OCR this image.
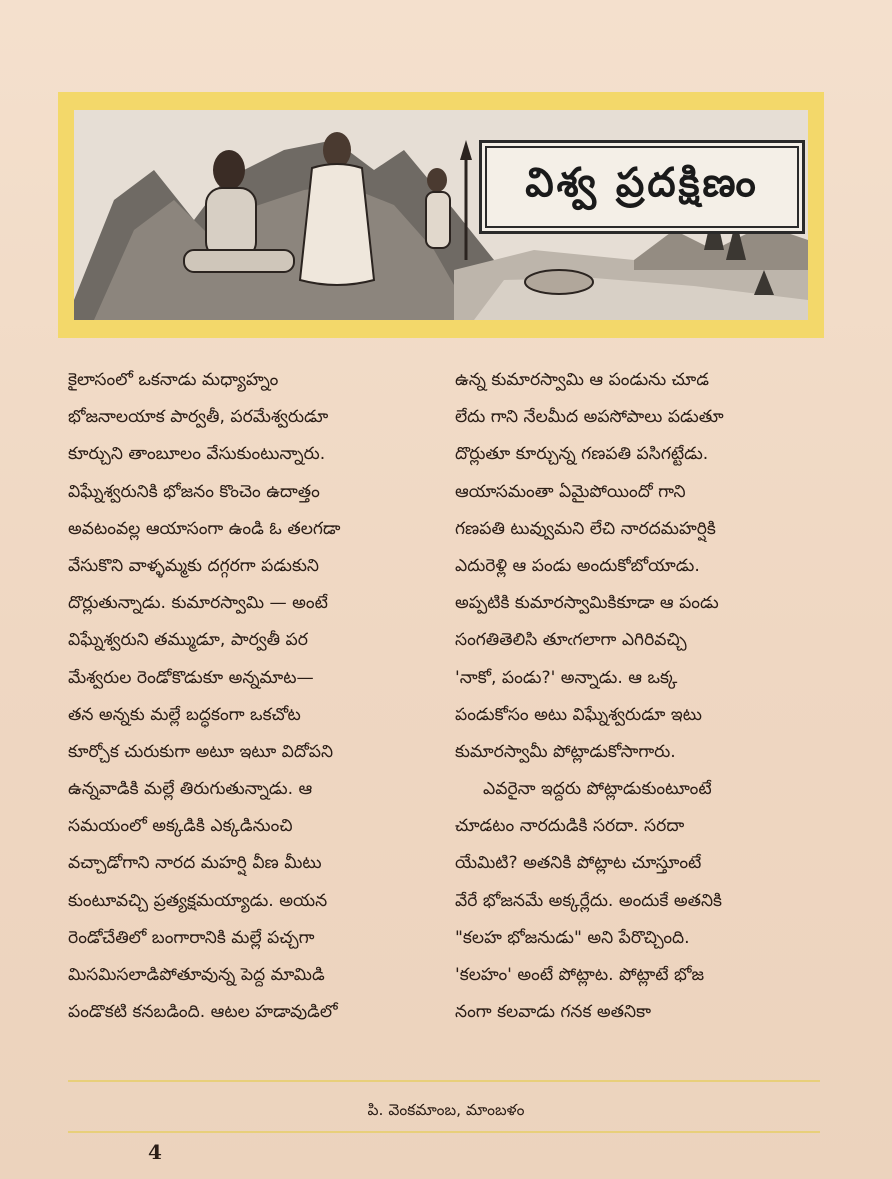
విశ్వ ప్రదక్షిణం
కైలాసంలో ఒకనాడు మధ్యాహ్నం
భోజనాలయాక పార్వతీ, పరమేశ్వరుడూ
కూర్చుని తాంబూలం వేసుకుంటున్నారు.
విఘ్నేశ్వరునికి భోజనం కొంచెం ఉదాత్తం
అవటంవల్ల ఆయాసంగా ఉండి ఓ తలగడా
వేసుకొని వాళ్ళమ్మకు దగ్గరగా పడుకుని
దొర్లుతున్నాడు. కుమారస్వామి — అంటే
విఘ్నేశ్వరుని తమ్ముడూ, పార్వతీ పర
మేశ్వరుల రెండోకొడుకూ అన్నమాట—
తన అన్నకు మల్లే బద్ధకంగా ఒకచోట
కూర్చోక చురుకుగా అటూ ఇటూ విదోపని
ఉన్నవాడికి మల్లే తిరుగుతున్నాడు. ఆ
సమయంలో అక్కడికి ఎక్కడినుంచి
వచ్చాడోగాని నారద మహర్షి వీణ మీటు
కుంటూవచ్చి ప్రత్యక్షమయ్యాడు. అయన
రెండోచేతిలో బంగారానికి మల్లే పచ్చగా
మిసమిసలాడిపోతూవున్న పెద్ద మామిడి
పండొకటి కనబడింది. ఆటల హడావుడిలో
ఉన్న కుమారస్వామి ఆ పండును చూడ
లేదు గాని నేలమీద అపసోపాలు పడుతూ
దొర్లుతూ కూర్చున్న గణపతి పసిగట్టేడు.
ఆయాసమంతా ఏమైపోయిందో గాని
గణపతి టువ్వుమని లేచి నారదమహర్షికి
ఎదురెళ్లి ఆ పండు అందుకోబోయాడు.
అప్పటికి కుమారస్వామికికూడా ఆ పండు
సంగతితెలిసి తూఁగలాగా ఎగిరివచ్చి
'నాకో, పండు?' అన్నాడు. ఆ ఒక్క
పండుకోసం అటు విఘ్నేశ్వరుడూ ఇటు
కుమారస్వామీ పోట్లాడుకోసాగారు.
ఎవరైనా ఇద్దరు పోట్లాడుకుంటూంటే
చూడటం నారదుడికి సరదా. సరదా
యేమిటి? అతనికి పోట్లాట చూస్తూంటే
వేరే భోజనమే అక్కర్లేదు. అందుకే అతనికి
"కలహ భోజనుడు" అని పేరొచ్చింది.
'కలహం' అంటే పోట్లాట. పోట్లాటే భోజ
నంగా కలవాడు గనక అతనికా
పి. వెంకమాంబ, మాంబళం
4
